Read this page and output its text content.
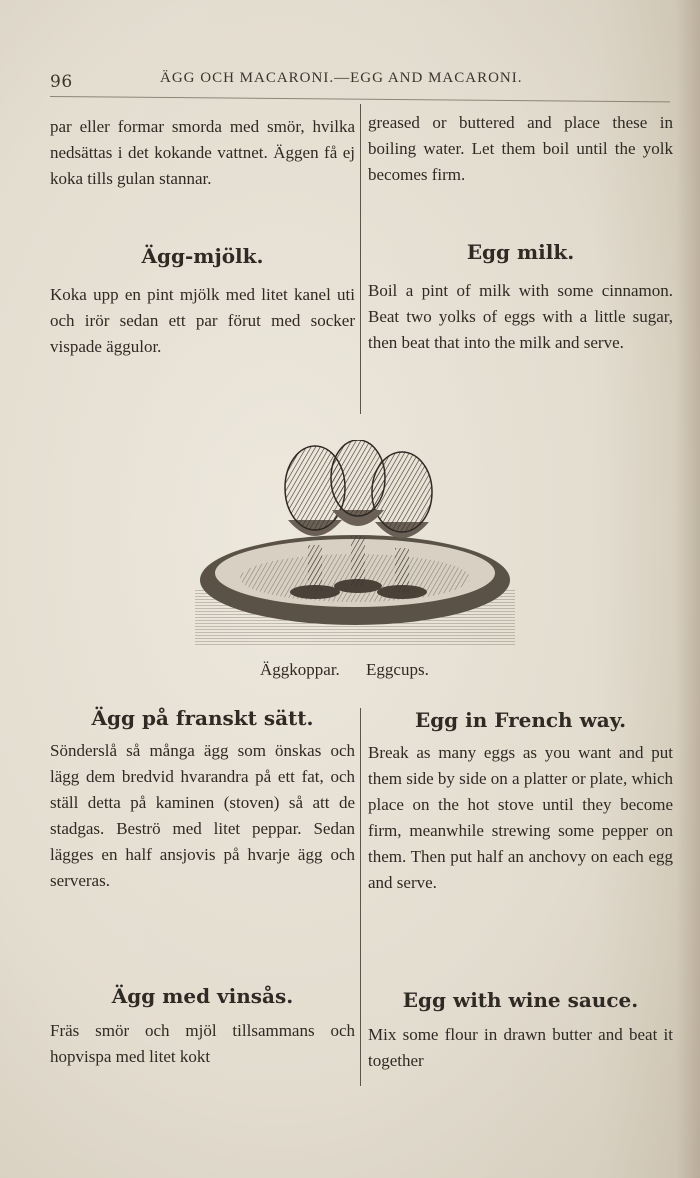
96	ÄGG OCH MACARONI.—EGG AND MACARONI.

par eller formar smorda med smör, hvilka nedsättas i det kokande vattnet. Äggen få ej koka tills gulan stannar.

greased or buttered and place these in boiling water. Let them boil until the yolk becomes firm.

Ägg-mjölk.	Egg milk.

Koka upp en pint mjölk med litet kanel uti och irör sedan ett par förut med socker vispade äggulor.

Boil a pint of milk with some cinnamon. Beat two yolks of eggs with a little sugar, then beat that into the milk and serve.

Äggkoppar. Eggcups.
Ägg på franskt sätt.	Egg in French way.

Sönderslå så många ägg som önskas och lägg dem bredvid hvarandra på ett fat, och ställ detta på kaminen (stoven) så att de stadgas. Beströ med litet peppar. Sedan lägges en half ansjovis på hvarje ägg och serveras.

Break as many eggs as you want and put them side by side on a platter or plate, which place on the hot stove until they become firm, meanwhile strewing some pepper on them. Then put half an anchovy on each egg and serve.

Ägg med vinsås.	Egg with wine sauce.

Fräs smör och mjöl tillsammans och hopvispa med litet kokt

Mix some flour in drawn butter and beat it together
